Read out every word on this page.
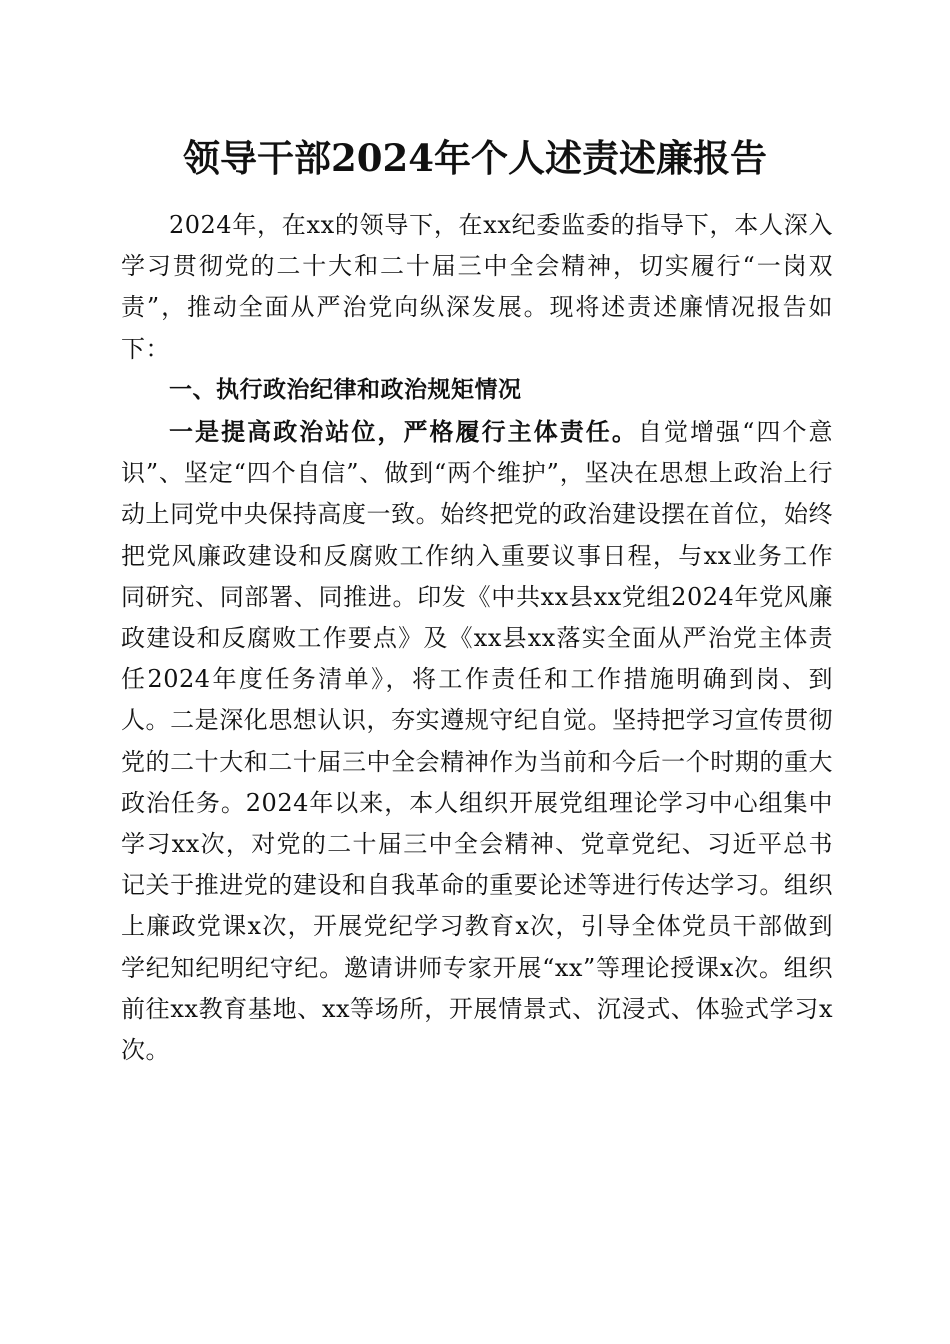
领导干部2024年个人述责述廉报告

2024年，在xx的领导下，在xx纪委监委的指导下，本人深入学习贯彻党的二十大和二十届三中全会精神，切实履行“一岗双责”，推动全面从严治党向纵深发展。现将述责述廉情况报告如下：

一、执行政治纪律和政治规矩情况

一是提高政治站位，严格履行主体责任。自觉增强“四个意识”、坚定“四个自信”、做到“两个维护”，坚决在思想上政治上行动上同党中央保持高度一致。始终把党的政治建设摆在首位，始终把党风廉政建设和反腐败工作纳入重要议事日程，与xx业务工作同研究、同部署、同推进。印发《中共xx县xx党组2024年党风廉政建设和反腐败工作要点》及《xx县xx落实全面从严治党主体责任2024年度任务清单》，将工作责任和工作措施明确到岗、到人。二是深化思想认识，夯实遵规守纪自觉。坚持把学习宣传贯彻党的二十大和二十届三中全会精神作为当前和今后一个时期的重大政治任务。2024年以来，本人组织开展党组理论学习中心组集中学习xx次，对党的二十届三中全会精神、党章党纪、习近平总书记关于推进党的建设和自我革命的重要论述等进行传达学习。组织上廉政党课x次，开展党纪学习教育x次，引导全体党员干部做到学纪知纪明纪守纪。邀请讲师专家开展“xx”等理论授课x次。组织前往xx教育基地、xx等场所，开展情景式、沉浸式、体验式学习x次。
